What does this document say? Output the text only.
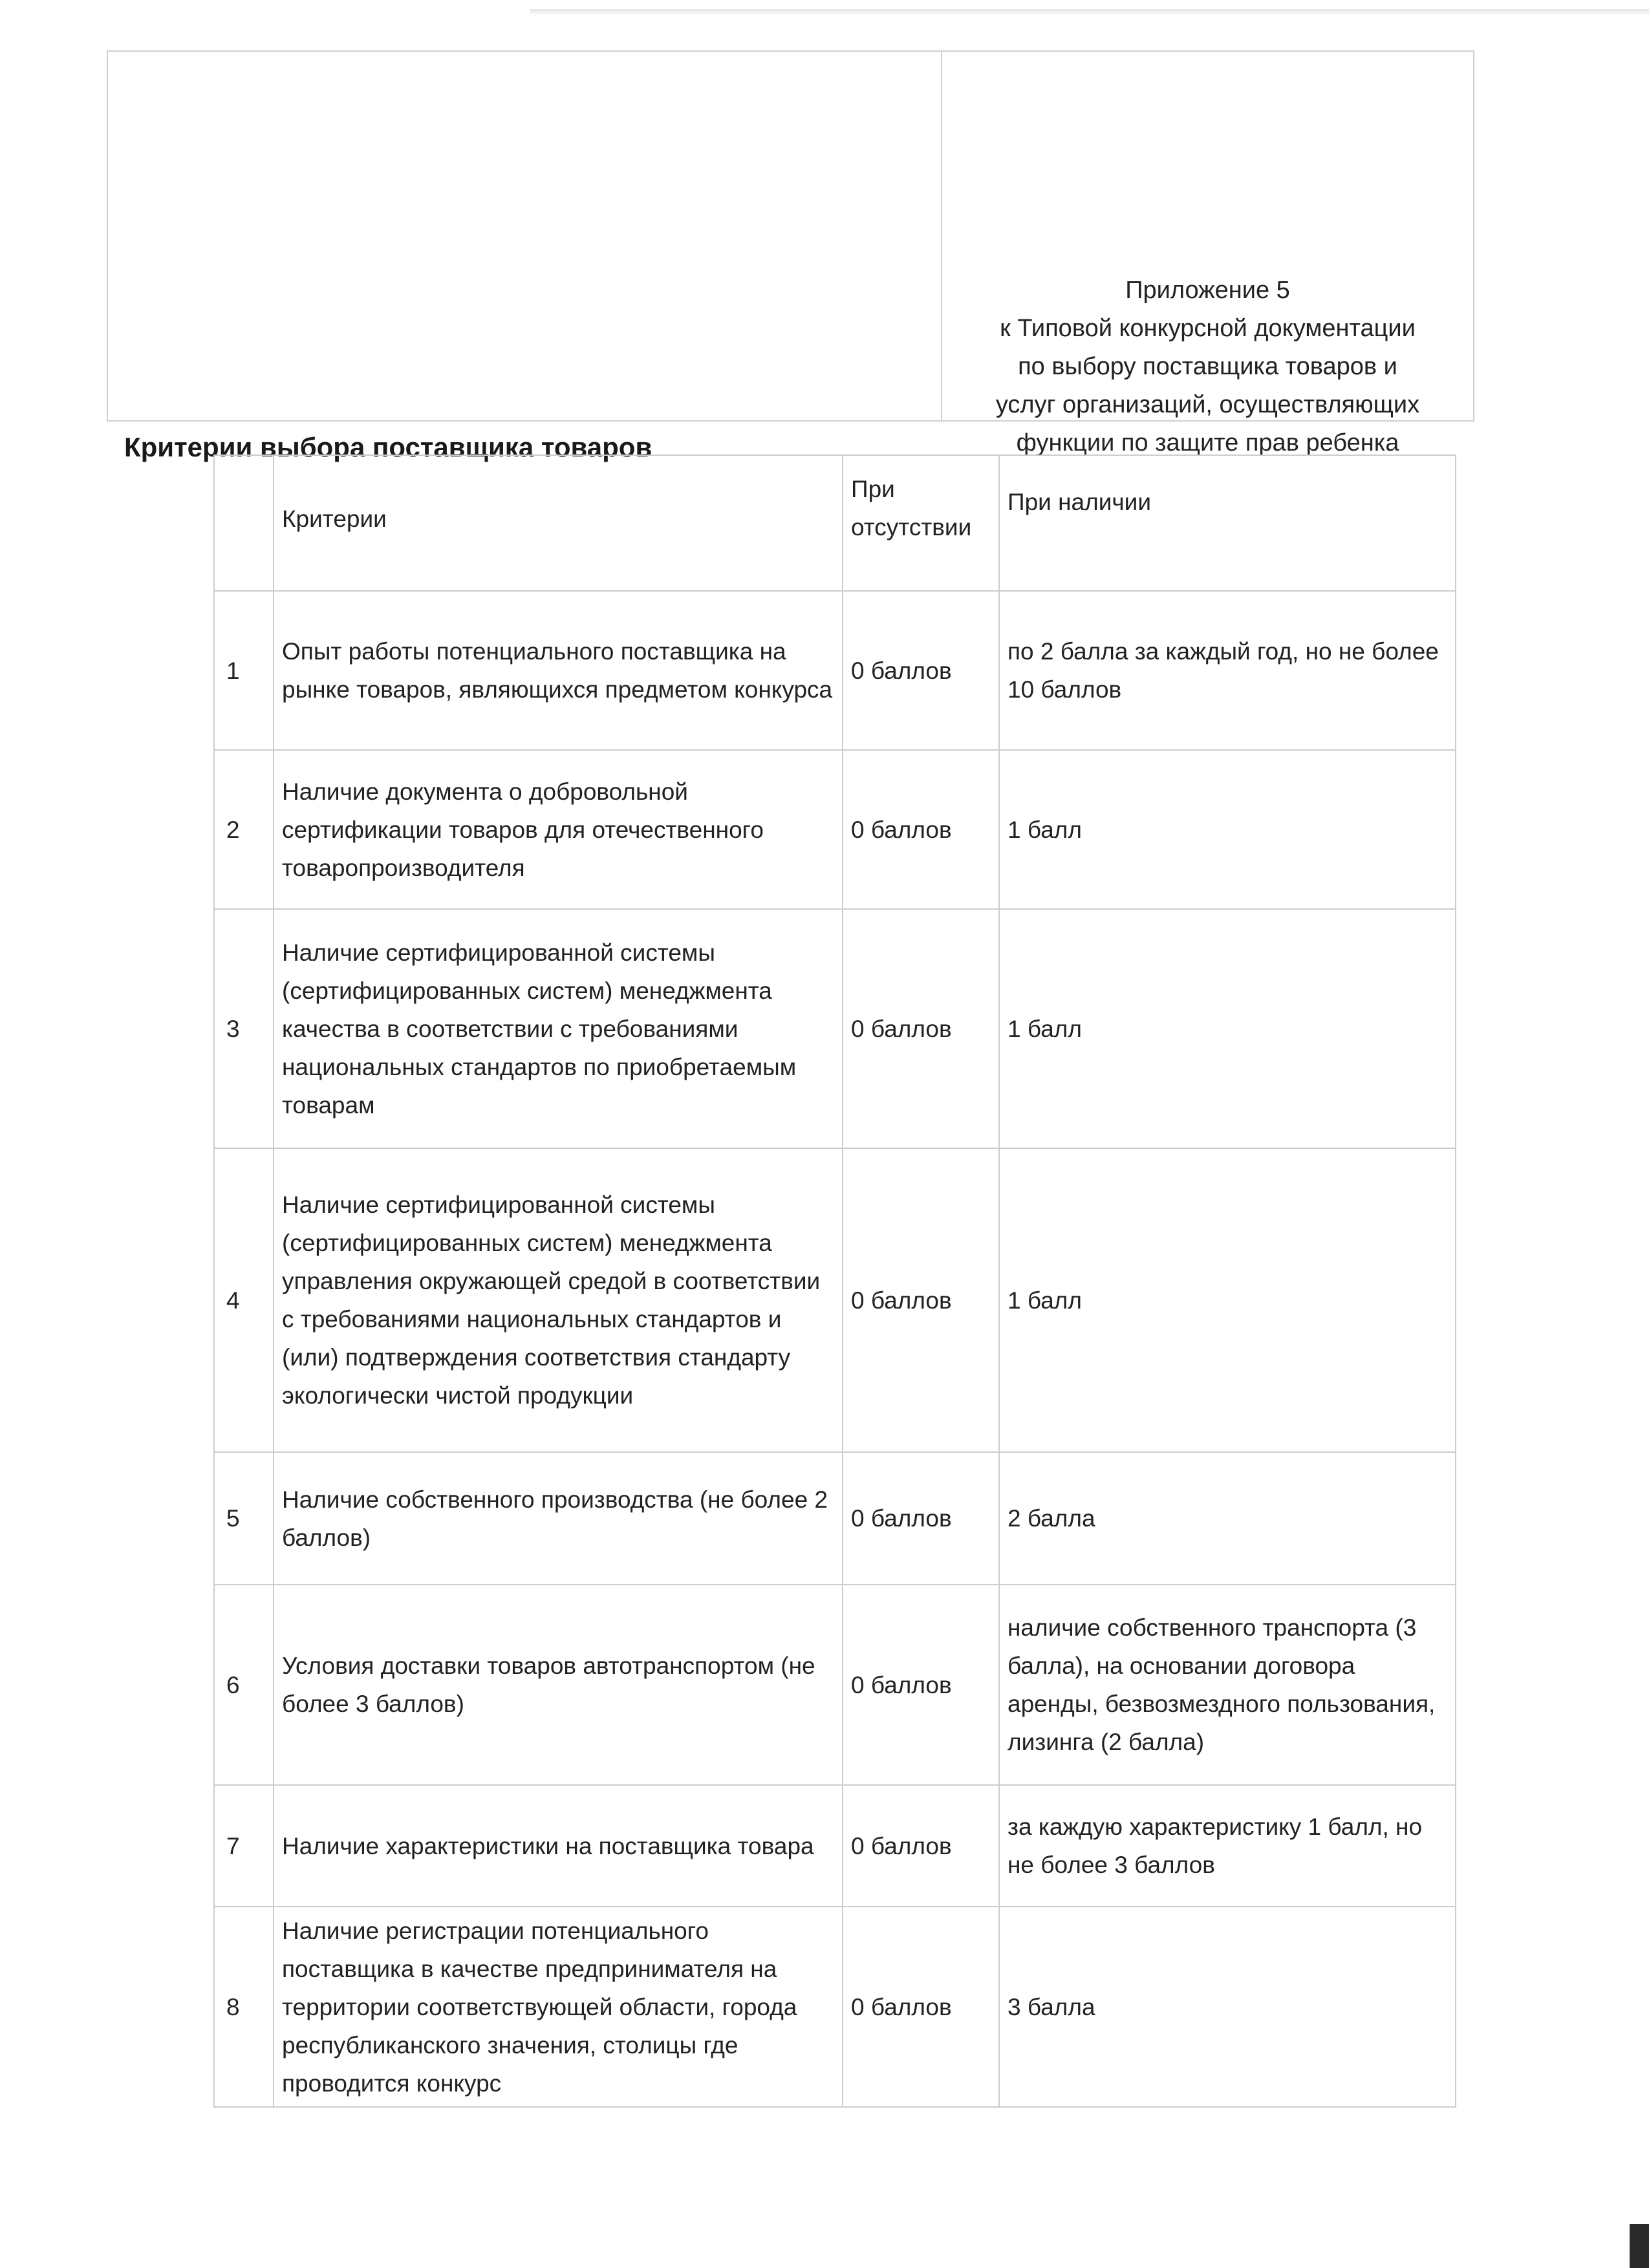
Приложение 5
к Типовой конкурсной документации
по выбору поставщика товаров и
услуг организаций, осуществляющих
функции по защите прав ребенка
Критерии выбора поставщика товаров
	Критерии	При отсутствии	При наличии
1	Опыт работы потенциального поставщика на рынке товаров, являющихся предметом конкурса	0 баллов	по 2 балла за каждый год, но не более 10 баллов
2	Наличие документа о добровольной сертификации товаров для отечественного товаропроизводителя	0 баллов	1 балл
3	Наличие сертифицированной системы (сертифицированных систем) менеджмента качества в соответствии с требованиями национальных стандартов по приобретаемым товарам	0 баллов	1 балл
4	Наличие сертифицированной системы (сертифицированных систем) менеджмента управления окружающей средой в соответствии с требованиями национальных стандартов и (или) подтверждения соответствия стандарту экологически чистой продукции	0 баллов	1 балл
5	Наличие собственного производства (не более 2 баллов)	0 баллов	2 балла
6	Условия доставки товаров автотранспортом (не более 3 баллов)	0 баллов	наличие собственного транспорта (3 балла), на основании договора аренды, безвозмездного пользования, лизинга (2 балла)
7	Наличие характеристики на поставщика товара	0 баллов	за каждую характеристику 1 балл, но не более 3 баллов
8	Наличие регистрации потенциального поставщика в качестве предпринимателя на территории соответствующей области, города республиканского значения, столицы где проводится конкурс	0 баллов	3 балла
